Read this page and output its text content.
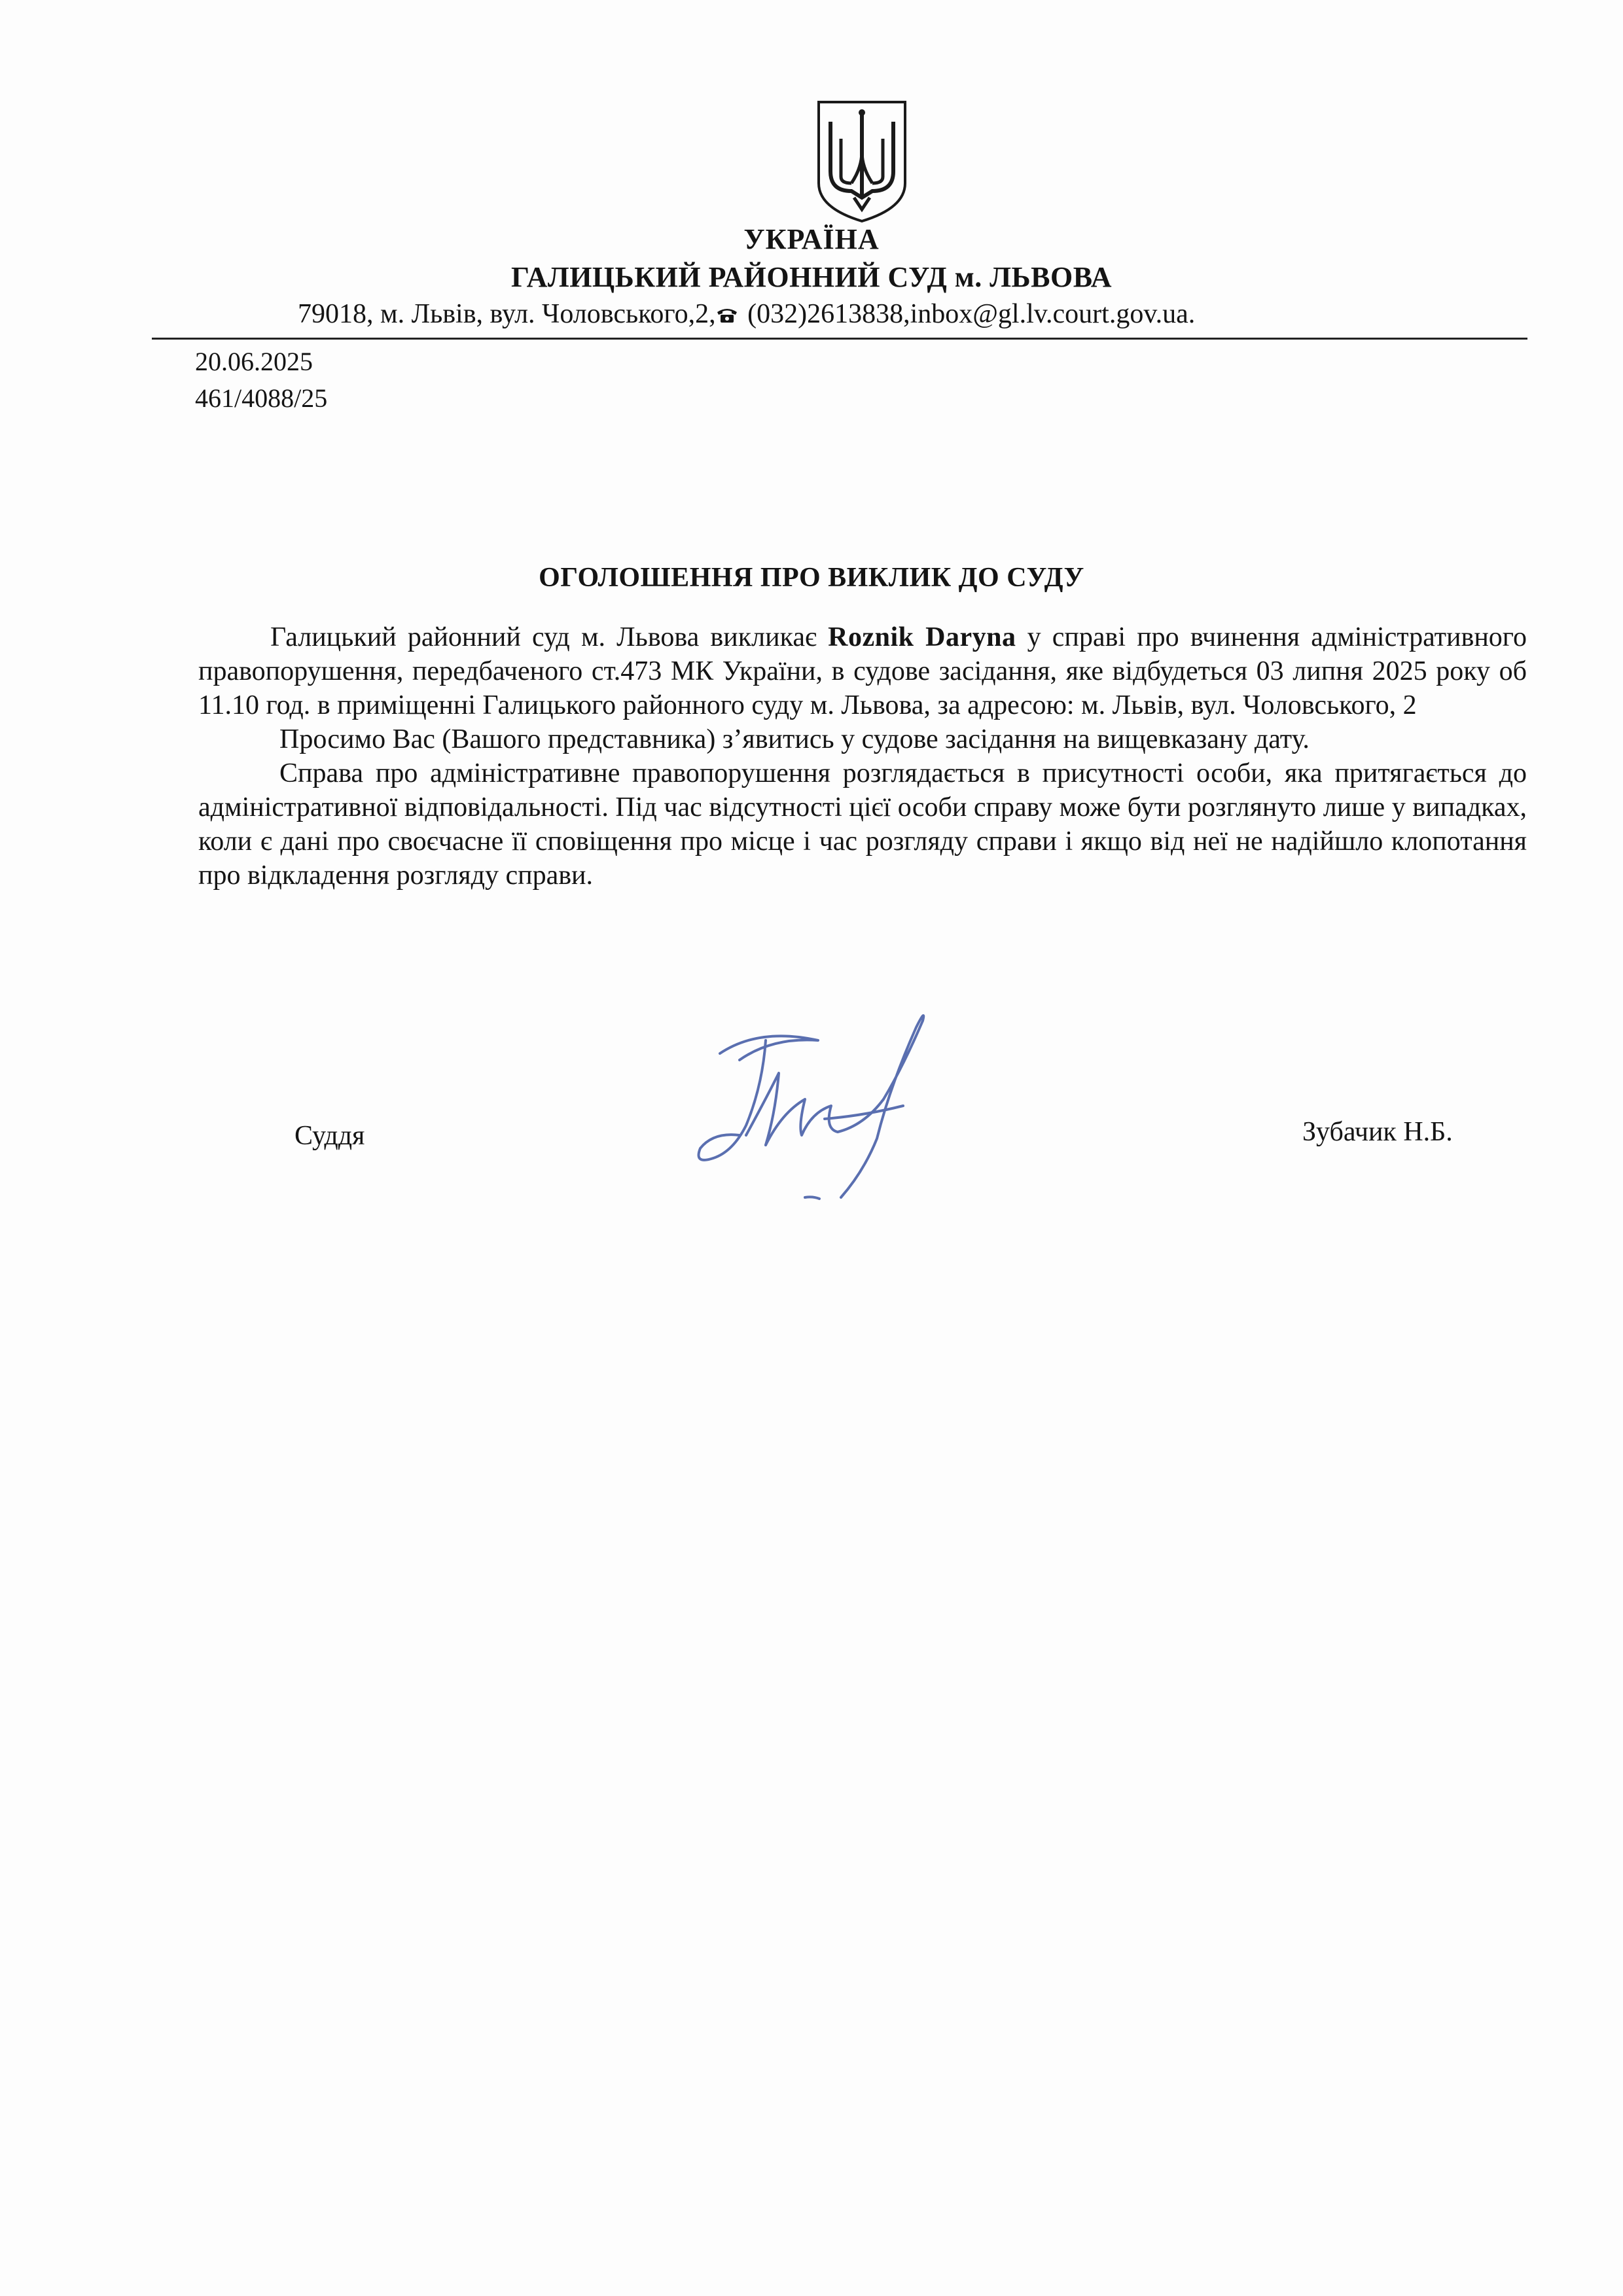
УКРАЇНА
ГАЛИЦЬКИЙ РАЙОННИЙ СУД м. ЛЬВОВА
79018, м. Львів, вул. Чоловського,2, (032)2613838,inbox@gl.lv.court.gov.ua.
20.06.2025
461/4088/25
ОГОЛОШЕННЯ ПРО ВИКЛИК ДО СУДУ

Галицький районний суд м. Львова викликає Roznik Daryna у справі про вчинення адміністративного правопорушення, передбаченого ст.473 МК України, в судове засідання, яке відбудеться 03 липня 2025 року об 11.10 год. в приміщенні Галицького районного суду м. Львова, за адресою: м. Львів, вул. Чоловського, 2

Просимо Вас (Вашого представника) з’явитись у судове засідання на вищевказану дату.

Справа про адміністративне правопорушення розглядається в присутності особи, яка притягається до адміністративної відповідальності. Під час відсутності цієї особи справу може бути розглянуто лише у випадках, коли є дані про своєчасне її сповіщення про місце і час розгляду справи і якщо від неї не надійшло клопотання про відкладення розгляду справи.

Суддя	Зубачик Н.Б.
